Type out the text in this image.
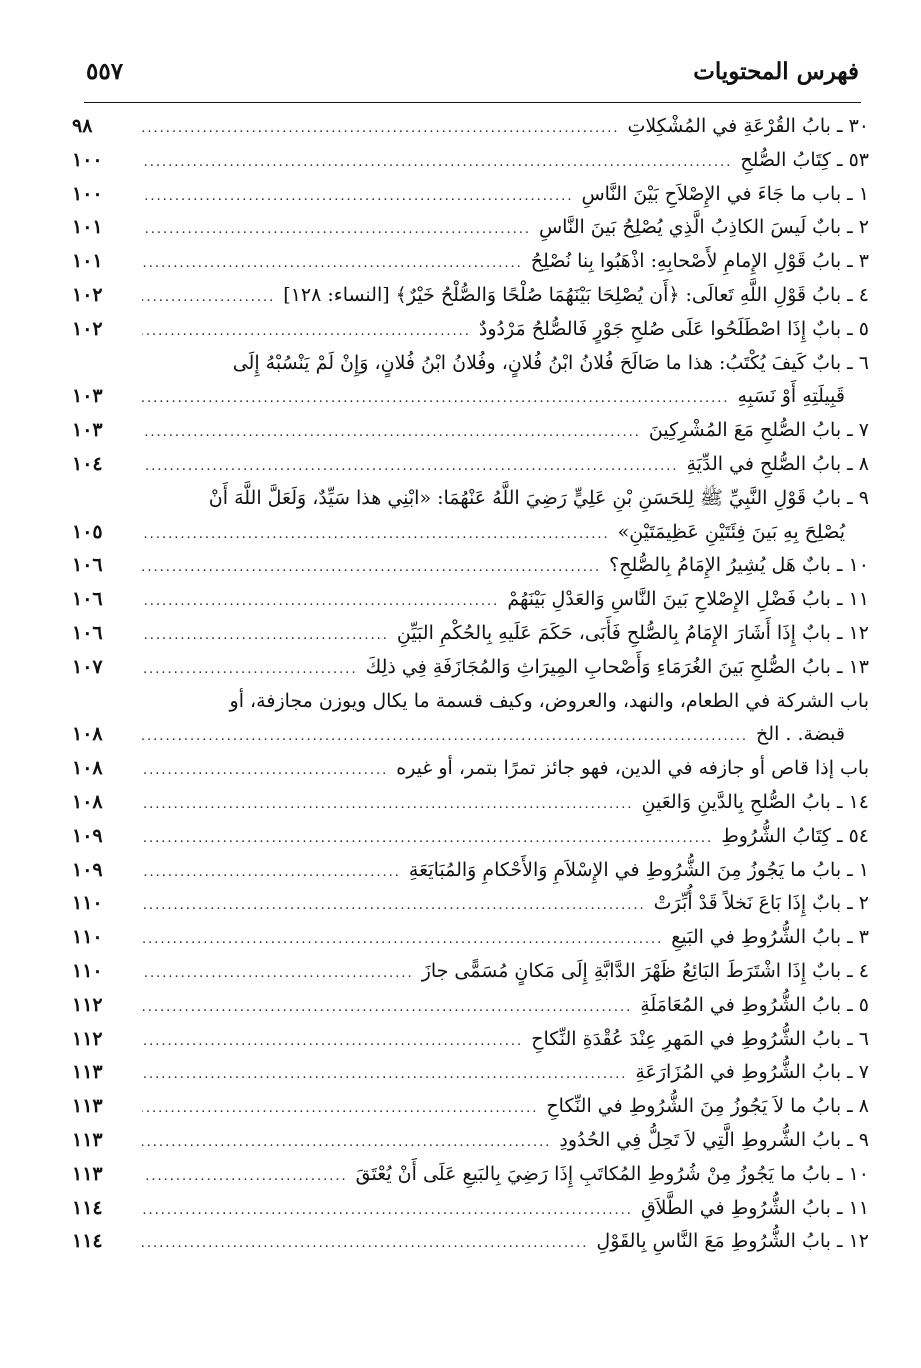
فهرس المحتويات
٥٥٧
٣٠ ـ بابُ القُرْعَةِ في المُشْكِلاتِ
.....
٩٨
٥٣ ـ كِتَابُ الصُّلحِ
.....
١٠٠
١ ـ باب ما جَاءَ في الإِصْلاَحِ بَيْنَ النَّاسِ
.....
١٠٠
٢ ـ بابٌ لَيسَ الكاذِبُ الَّذِي يُصْلِحُ بَينَ النَّاسِ
.....
١٠١
٣ ـ بابُ قَوْلِ الإِمامِ لأَصْحابِهِ: اذْهَبُوا بِنا نُصْلِحُ
.....
١٠١
٤ ـ بابُ قَوْلِ اللَّهِ تَعالَى: ﴿أَن يُصْلِحَا بَيْنَهُمَا صُلْحًا وَالصُّلْحُ خَيْرٌ﴾ [النساء: ١٢٨]
.....
١٠٢
٥ ـ بابٌ إِذَا اصْطَلَحُوا عَلَى صُلحِ جَوْرٍ فَالصُّلحُ مَرْدُودٌ
.....
١٠٢
٦ ـ بابٌ كَيفَ يُكْتَبُ: هذا ما صَالَحَ فُلانُ ابْنُ فُلانٍ، وفُلانُ ابْنُ فُلانٍ، وَإِنْ لَمْ يَنْسُبْهُ إِلَى
قَبِيلَتِهِ أَوْ نَسَبِهِ
.....
١٠٣
٧ ـ بابُ الصُّلحِ مَعَ المُشْرِكِينَ
.....
١٠٣
٨ ـ بابُ الصُّلحِ في الدِّيَةِ
.....
١٠٤
٩ ـ بابُ قَوْلِ النَّبِيِّ ﷺ لِلحَسَنِ بْنِ عَلِيٍّ رَضِيَ اللَّهُ عَنْهُمَا: «ابْنِي هذا سَيِّدٌ، وَلَعَلَّ اللَّهَ أَنْ
يُصْلِحَ بِهِ بَينَ فِئَتَيْنِ عَظِيمَتَيْنِ»
.....
١٠٥
١٠ ـ بابٌ هَل يُشِيرُ الإِمَامُ بِالصُّلحِ؟
.....
١٠٦
١١ ـ بابُ فَضْلِ الإِصْلاحِ بَينَ النَّاسِ وَالعَدْلِ بَيْنَهُمْ
.....
١٠٦
١٢ ـ بابٌ إِذَا أَشَارَ الإِمَامُ بِالصُّلحِ فَأَبَى، حَكَمَ عَلَيهِ بِالحُكْمِ البَيِّنِ
.....
١٠٦
١٣ ـ بابُ الصُّلحِ بَينَ الغُرَمَاءِ وَأَصْحابِ المِيرَاثِ وَالمُجَازَفَةِ فِي ذلِكَ
.....
١٠٧
باب الشركة في الطعام، والنهد، والعروض، وكيف قسمة ما يكال ويوزن مجازفة، أو
قبضة. . الخ
.....
١٠٨
باب إذا قاص أو جازفه في الدين، فهو جائز تمرًا بتمر، أو غيره
.....
١٠٨
١٤ ـ بابُ الصُّلحِ بِالدَّينِ وَالعَينِ
.....
١٠٨
٥٤ ـ كِتَابُ الشُّرُوطِ
.....
١٠٩
١ ـ بابُ ما يَجُوزُ مِنَ الشُّرُوطِ في الإِسْلاَمِ وَالأَحْكامِ وَالمُبَايَعَةِ
.....
١٠٩
٢ ـ بابٌ إِذَا بَاعَ نَخلاً قَدْ أُبِّرَتْ
.....
١١٠
٣ ـ بابُ الشُّرُوطِ في البَيعِ
.....
١١٠
٤ ـ بابٌ إِذَا اشْتَرَطَ البَائِعُ ظَهْرَ الدَّابَّةِ إِلَى مَكانٍ مُسَمًّى جازَ
.....
١١٠
٥ ـ بابُ الشُّرُوطِ في المُعَامَلَةِ
.....
١١٢
٦ ـ بابُ الشُّرُوطِ في المَهرِ عِنْدَ عُقْدَةِ النِّكاحِ
.....
١١٢
٧ ـ بابُ الشُّرُوطِ في المُزَارَعَةِ
.....
١١٣
٨ ـ بابُ ما لاَ يَجُوزُ مِنَ الشُّرُوطِ في النِّكاحِ
.....
١١٣
٩ ـ بابُ الشُّروطِ الَّتِي لاَ تَحِلُّ فِي الحُدُودِ
.....
١١٣
١٠ ـ بابُ ما يَجُوزُ مِنْ شُرُوطِ المُكاتَبِ إِذَا رَضِيَ بِالبَيعِ عَلَى أَنْ يُعْتَقَ
.....
١١٣
١١ ـ بابُ الشُّرُوطِ في الطَّلاَقِ
.....
١١٤
١٢ ـ بابُ الشُّرُوطِ مَعَ النَّاسِ بِالقَوْلِ
.....
١١٤
